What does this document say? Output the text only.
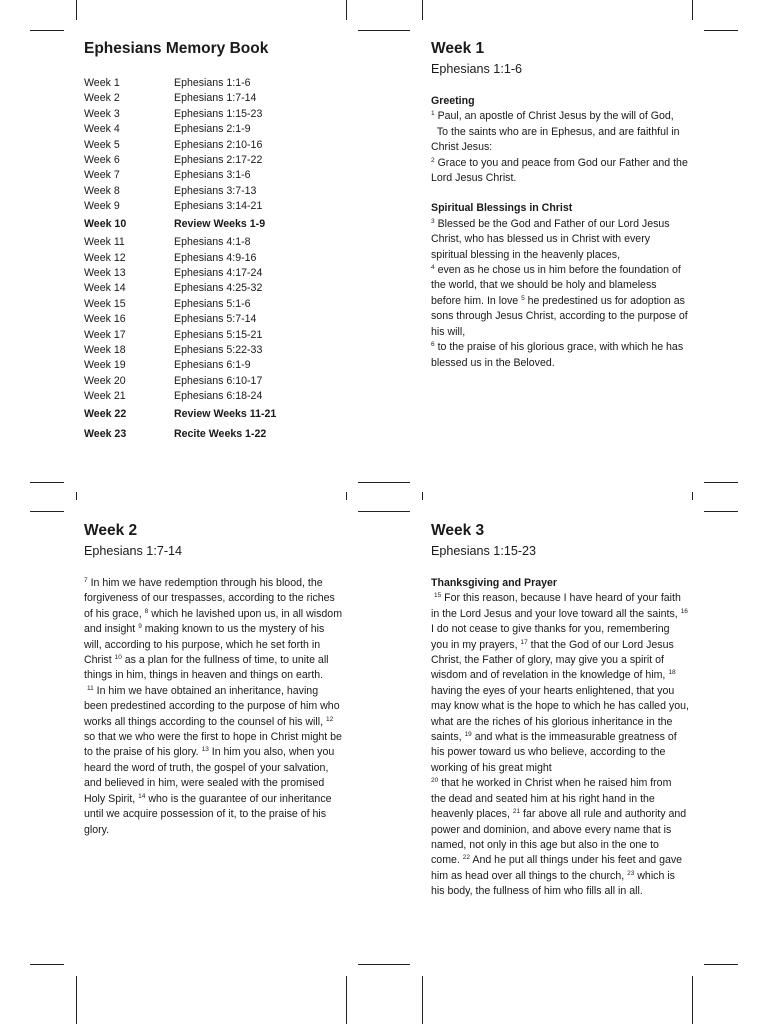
Ephesians Memory Book
Week 1	Ephesians 1:1-6
Week 2	Ephesians 1:7-14
Week 3	Ephesians 1:15-23
Week 4	Ephesians 2:1-9
Week 5	Ephesians 2:10-16
Week 6	Ephesians 2:17-22
Week 7	Ephesians 3:1-6
Week 8	Ephesians 3:7-13
Week 9	Ephesians 3:14-21
Week 10	Review Weeks 1-9
Week 11	Ephesians 4:1-8
Week 12	Ephesians 4:9-16
Week 13	Ephesians 4:17-24
Week 14	Ephesians 4:25-32
Week 15	Ephesians 5:1-6
Week 16	Ephesians 5:7-14
Week 17	Ephesians 5:15-21
Week 18	Ephesians 5:22-33
Week 19	Ephesians 6:1-9
Week 20	Ephesians 6:10-17
Week 21	Ephesians 6:18-24
Week 22	Review Weeks 11-21
Week 23	Recite Weeks 1-22
Week 1
Ephesians 1:1-6
Greeting
$^1$ Paul, an apostle of Christ Jesus by the will of God,
To the saints who are in Ephesus, and are faithful in Christ Jesus:
$^2$ Grace to you and peace from God our Father and the Lord Jesus Christ.
Spiritual Blessings in Christ
$^3$ Blessed be the God and Father of our Lord Jesus Christ, who has blessed us in Christ with every spiritual blessing in the heavenly places,
$^4$ even as he chose us in him before the foundation of the world, that we should be holy and blameless before him. In love $^5$ he predestined us for adoption as sons through Jesus Christ, according to the purpose of his will,
$^6$ to the praise of his glorious grace, with which he has blessed us in the Beloved.
Week 2
Ephesians 1:7-14
$^7$ In him we have redemption through his blood, the forgiveness of our trespasses, according to the riches of his grace, $^8$ which he lavished upon us, in all wisdom and insight $^9$ making known to us the mystery of his will, according to his purpose, which he set forth in Christ $^{10}$ as a plan for the fullness of time, to unite all things in him, things in heaven and things on earth.
$^{11}$ In him we have obtained an inheritance, having been predestined according to the purpose of him who works all things according to the counsel of his will, $^{12}$ so that we who were the first to hope in Christ might be to the praise of his glory. $^{13}$ In him you also, when you heard the word of truth, the gospel of your salvation, and believed in him, were sealed with the promised Holy Spirit, $^{14}$ who is the guarantee of our inheritance until we acquire possession of it, to the praise of his glory.
Week 3
Ephesians 1:15-23
Thanksgiving and Prayer
$^{15}$ For this reason, because I have heard of your faith in the Lord Jesus and your love toward all the saints, $^{16}$ I do not cease to give thanks for you, remembering you in my prayers, $^{17}$ that the God of our Lord Jesus Christ, the Father of glory, may give you a spirit of wisdom and of revelation in the knowledge of him, $^{18}$ having the eyes of your hearts enlightened, that you may know what is the hope to which he has called you, what are the riches of his glorious inheritance in the saints, $^{19}$ and what is the immeasurable greatness of his power toward us who believe, according to the working of his great might
$^{20}$ that he worked in Christ when he raised him from the dead and seated him at his right hand in the heavenly places, $^{21}$ far above all rule and authority and power and dominion, and above every name that is named, not only in this age but also in the one to come. $^{22}$ And he put all things under his feet and gave him as head over all things to the church, $^{23}$ which is his body, the fullness of him who fills all in all.
